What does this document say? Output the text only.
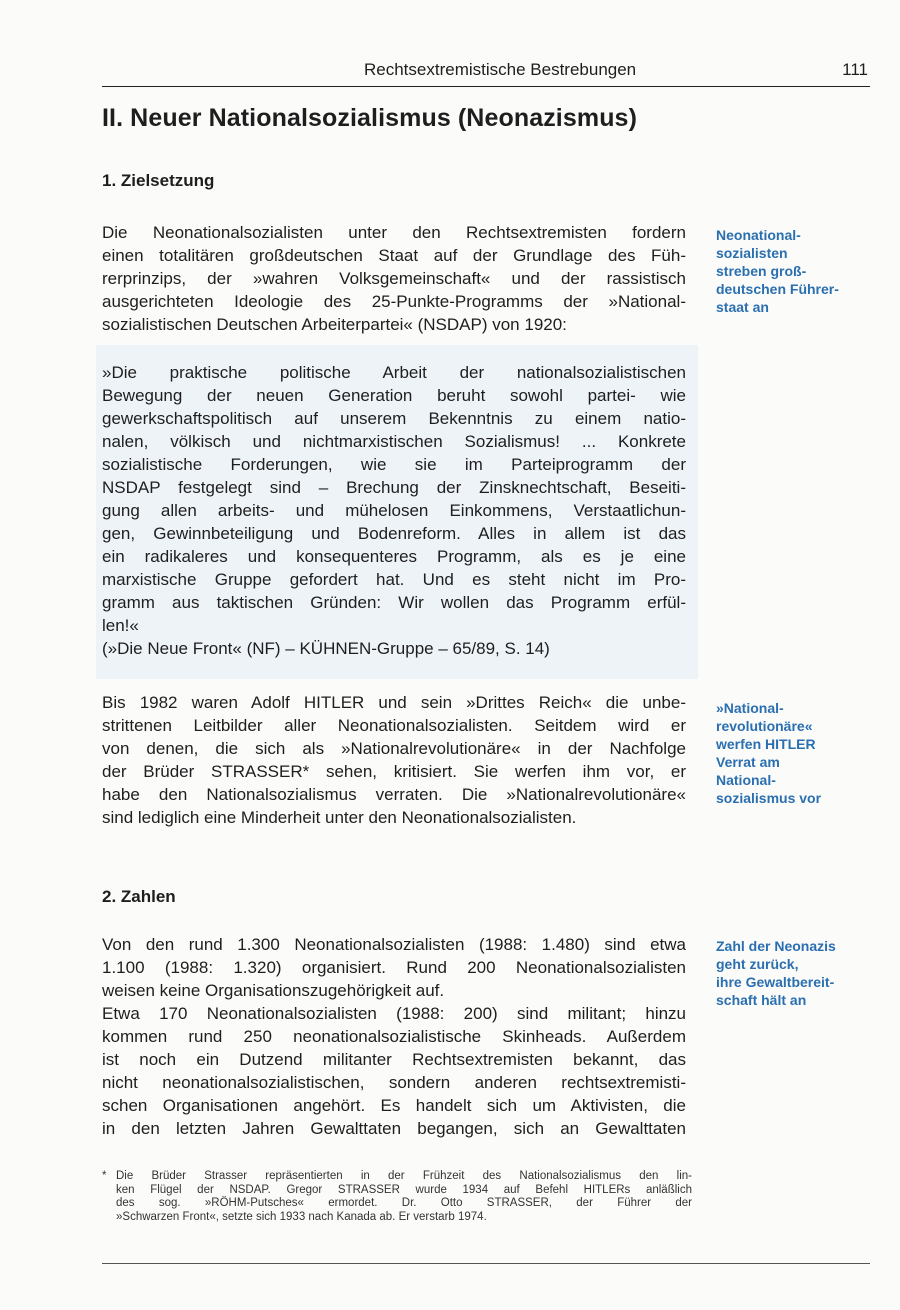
Rechtsextremistische Bestrebungen	111
II. Neuer Nationalsozialismus (Neonazismus)
1. Zielsetzung
Die Neonationalsozialisten unter den Rechtsextremisten fordern
einen totalitären großdeutschen Staat auf der Grundlage des Füh-
rerprinzips, der »wahren Volksgemeinschaft« und der rassistisch
ausgerichteten Ideologie des 25-Punkte-Programms der »National-
sozialistischen Deutschen Arbeiterpartei« (NSDAP) von 1920:
Neonational-
sozialisten
streben groß-
deutschen Führer-
staat an
»Die praktische politische Arbeit der nationalsozialistischen
Bewegung der neuen Generation beruht sowohl partei- wie
gewerkschaftspolitisch auf unserem Bekenntnis zu einem natio-
nalen, völkisch und nichtmarxistischen Sozialismus! ... Konkrete
sozialistische Forderungen, wie sie im Parteiprogramm der
NSDAP festgelegt sind – Brechung der Zinsknechtschaft, Beseiti-
gung allen arbeits- und mühelosen Einkommens, Verstaatlichun-
gen, Gewinnbeteiligung und Bodenreform. Alles in allem ist das
ein radikaleres und konsequenteres Programm, als es je eine
marxistische Gruppe gefordert hat. Und es steht nicht im Pro-
gramm aus taktischen Gründen: Wir wollen das Programm erfül-
len!«
(»Die Neue Front« (NF) – KÜHNEN-Gruppe – 65/89, S. 14)
Bis 1982 waren Adolf HITLER und sein »Drittes Reich« die unbe-
strittenen Leitbilder aller Neonationalsozialisten. Seitdem wird er
von denen, die sich als »Nationalrevolutionäre« in der Nachfolge
der Brüder STRASSER* sehen, kritisiert. Sie werfen ihm vor, er
habe den Nationalsozialismus verraten. Die »Nationalrevolutionäre«
sind lediglich eine Minderheit unter den Neonationalsozialisten.
»National-
revolutionäre«
werfen HITLER
Verrat am
National-
sozialismus vor
2. Zahlen
Von den rund 1.300 Neonationalsozialisten (1988: 1.480) sind etwa
1.100 (1988: 1.320) organisiert. Rund 200 Neonationalsozialisten
weisen keine Organisationszugehörigkeit auf.
Etwa 170 Neonationalsozialisten (1988: 200) sind militant; hinzu
kommen rund 250 neonationalsozialistische Skinheads. Außerdem
ist noch ein Dutzend militanter Rechtsextremisten bekannt, das
nicht neonationalsozialistischen, sondern anderen rechtsextremisti-
schen Organisationen angehört. Es handelt sich um Aktivisten, die
in den letzten Jahren Gewalttaten begangen, sich an Gewalttaten
Zahl der Neonazis
geht zurück,
ihre Gewaltbereit-
schaft hält an
* Die Brüder Strasser repräsentierten in der Frühzeit des Nationalsozialismus den lin-
ken Flügel der NSDAP. Gregor STRASSER wurde 1934 auf Befehl HITLERs anläßlich
des sog. »RÖHM-Putsches« ermordet. Dr. Otto STRASSER, der Führer der
»Schwarzen Front«, setzte sich 1933 nach Kanada ab. Er verstarb 1974.
